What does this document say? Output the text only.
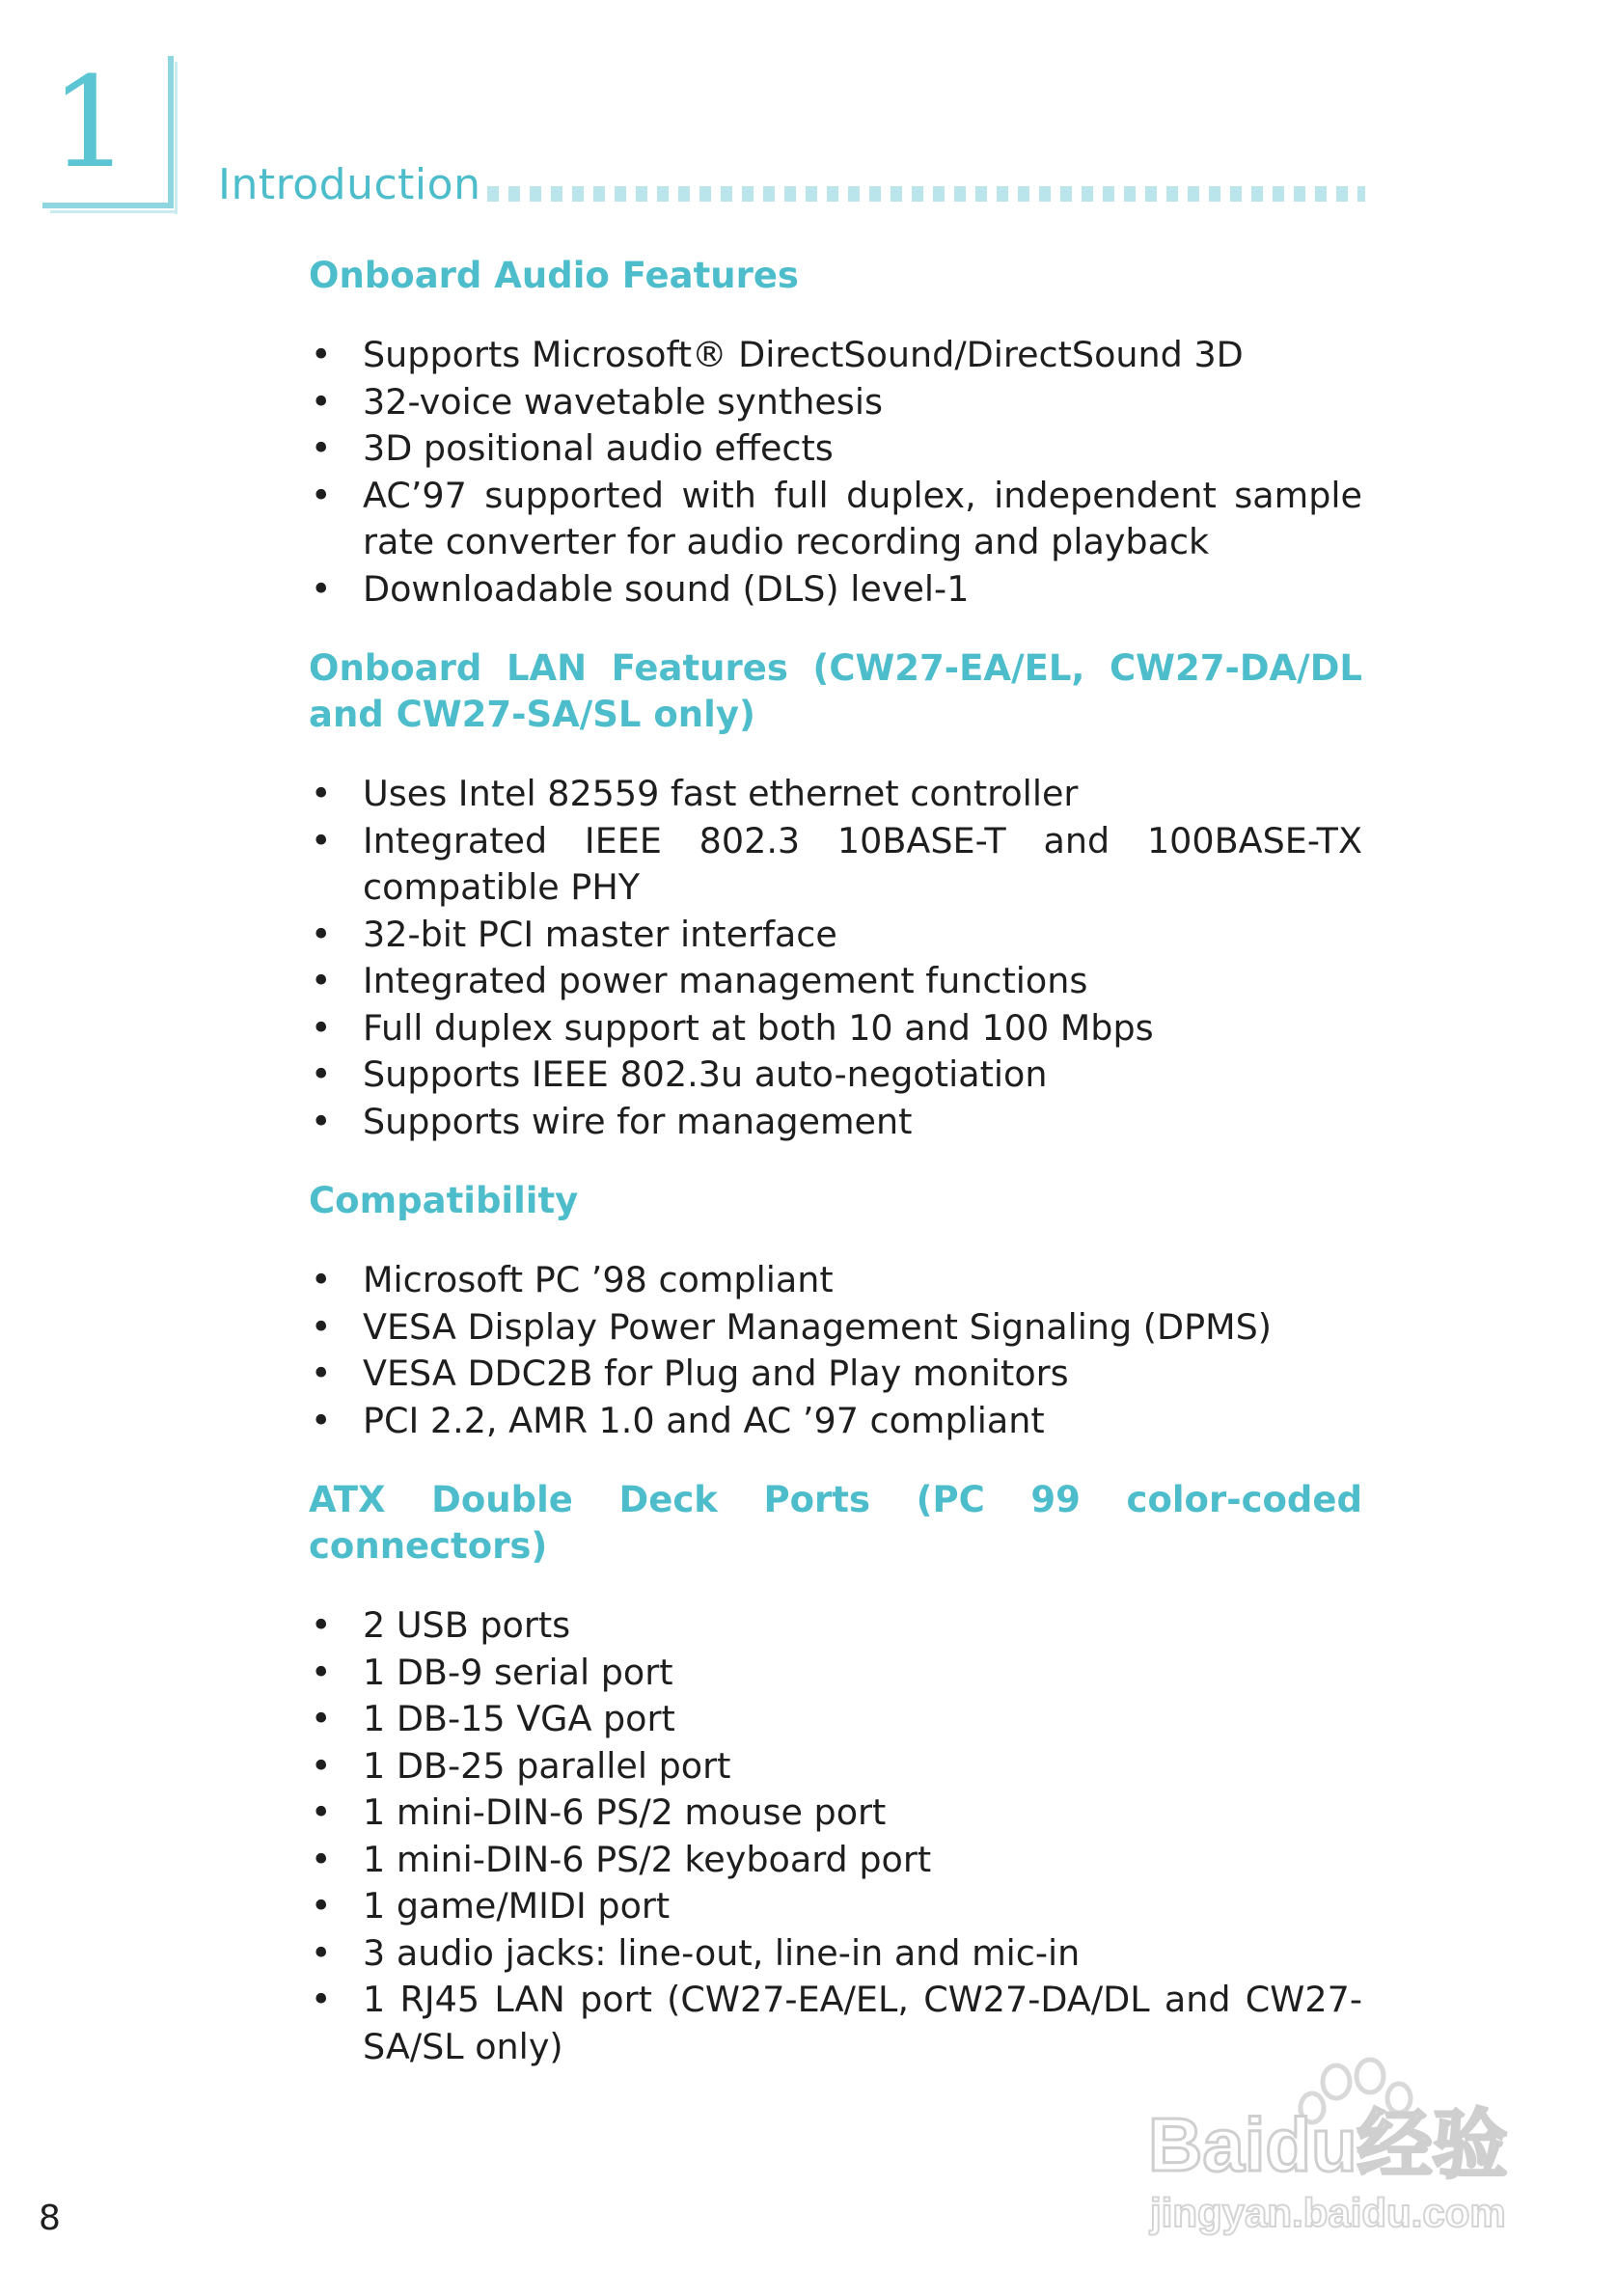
1 Introduction
Onboard Audio Features
• Supports Microsoft® DirectSound/DirectSound 3D
• 32-voice wavetable synthesis
• 3D positional audio effects
• AC’97 supported with full duplex, independent sample rate converter for audio recording and playback
• Downloadable sound (DLS) level-1
Onboard LAN Features (CW27-EA/EL, CW27-DA/DL and CW27-SA/SL only)
• Uses Intel 82559 fast ethernet controller
• Integrated IEEE 802.3 10BASE-T and 100BASE-TX compatible PHY
• 32-bit PCI master interface
• Integrated power management functions
• Full duplex support at both 10 and 100 Mbps
• Supports IEEE 802.3u auto-negotiation
• Supports wire for management
Compatibility
• Microsoft PC ’98 compliant
• VESA Display Power Management Signaling (DPMS)
• VESA DDC2B for Plug and Play monitors
• PCI 2.2, AMR 1.0 and AC ’97 compliant
ATX Double Deck Ports (PC 99 color-coded connectors)
• 2 USB ports
• 1 DB-9 serial port
• 1 DB-15 VGA port
• 1 DB-25 parallel port
• 1 mini-DIN-6 PS/2 mouse port
• 1 mini-DIN-6 PS/2 keyboard port
• 1 game/MIDI port
• 3 audio jacks: line-out, line-in and mic-in
• 1 RJ45 LAN port (CW27-EA/EL, CW27-DA/DL and CW27-SA/SL only)
8
Baidu经验
jingyan.baidu.com
